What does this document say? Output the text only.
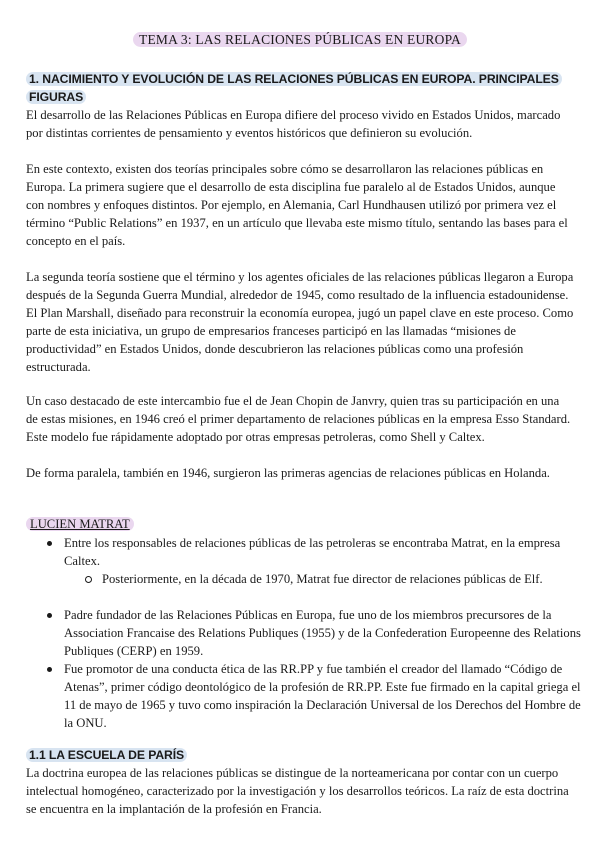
TEMA 3: LAS RELACIONES PÚBLICAS EN EUROPA
1. NACIMIENTO Y EVOLUCIÓN DE LAS RELACIONES PÚBLICAS EN EUROPA. PRINCIPALES FIGURAS

El desarrollo de las Relaciones Públicas en Europa difiere del proceso vivido en Estados Unidos, marcado por distintas corrientes de pensamiento y eventos históricos que definieron su evolución.

En este contexto, existen dos teorías principales sobre cómo se desarrollaron las relaciones públicas en Europa. La primera sugiere que el desarrollo de esta disciplina fue paralelo al de Estados Unidos, aunque con nombres y enfoques distintos. Por ejemplo, en Alemania, Carl Hundhausen utilizó por primera vez el término “Public Relations” en 1937, en un artículo que llevaba este mismo título, sentando las bases para el concepto en el país.

La segunda teoría sostiene que el término y los agentes oficiales de las relaciones públicas llegaron a Europa después de la Segunda Guerra Mundial, alrededor de 1945, como resultado de la influencia estadounidense. El Plan Marshall, diseñado para reconstruir la economía europea, jugó un papel clave en este proceso. Como parte de esta iniciativa, un grupo de empresarios franceses participó en las llamadas “misiones de productividad” en Estados Unidos, donde descubrieron las relaciones públicas como una profesión estructurada.

Un caso destacado de este intercambio fue el de Jean Chopin de Janvry, quien tras su participación en una de estas misiones, en 1946 creó el primer departamento de relaciones públicas en la empresa Esso Standard. Este modelo fue rápidamente adoptado por otras empresas petroleras, como Shell y Caltex.

De forma paralela, también en 1946, surgieron las primeras agencias de relaciones públicas en Holanda.

LUCIEN MATRAT
Entre los responsables de relaciones públicas de las petroleras se encontraba Matrat, en la empresa Caltex.
Posteriormente, en la década de 1970, Matrat fue director de relaciones públicas de Elf.
Padre fundador de las Relaciones Públicas en Europa, fue uno de los miembros precursores de la Association Francaise des Relations Publiques (1955) y de la Confederation Europeenne des Relations Publiques (CERP) en 1959.
Fue promotor de una conducta ética de las RR.PP y fue también el creador del llamado “Código de Atenas”, primer código deontológico de la profesión de RR.PP. Este fue firmado en la capital griega el 11 de mayo de 1965 y tuvo como inspiración la Declaración Universal de los Derechos del Hombre de la ONU.
1.1 LA ESCUELA DE PARÍS

La doctrina europea de las relaciones públicas se distingue de la norteamericana por contar con un cuerpo intelectual homogéneo, caracterizado por la investigación y los desarrollos teóricos. La raíz de esta doctrina se encuentra en la implantación de la profesión en Francia.
